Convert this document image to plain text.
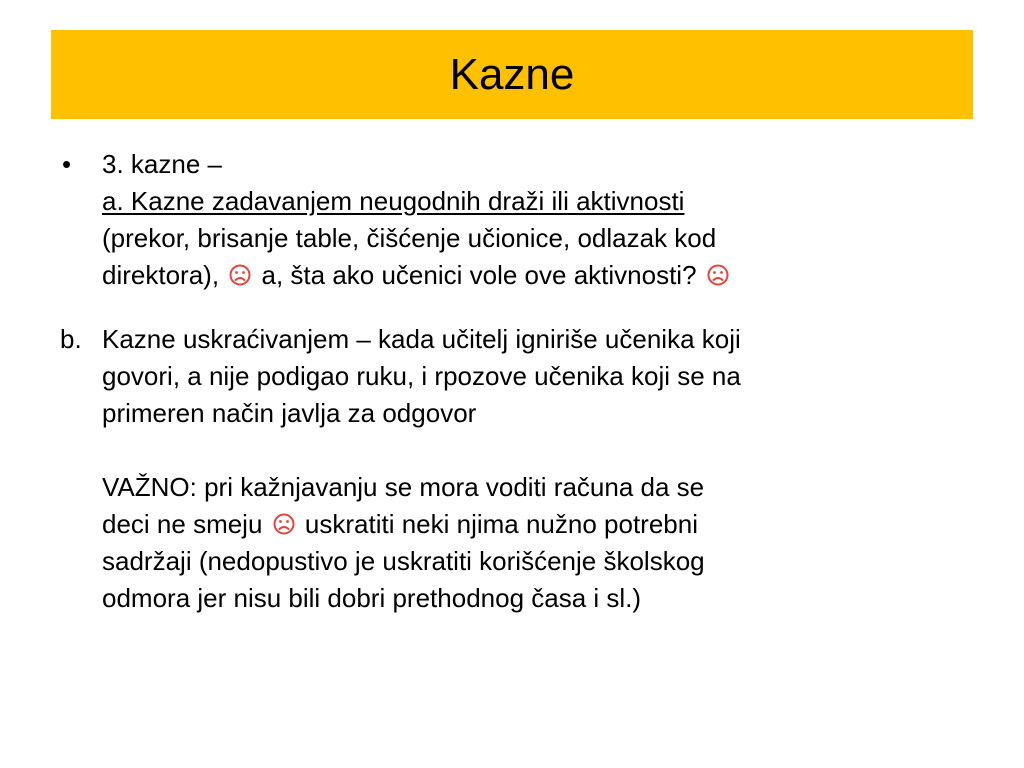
Kazne
• 3. kazne –
a. Kazne zadavanjem neugodnih draži ili aktivnosti
(prekor, brisanje table, čišćenje učionice, odlazak kod
direktora), a, šta ako učenici vole ove aktivnosti?
b. Kazne uskraćivanjem – kada učitelj igniriše učenika koji
govori, a nije podigao ruku, i rpozove učenika koji se na
primeren način javlja za odgovor
VAŽNO: pri kažnjavanju se mora voditi računa da se
deci ne smeju uskratiti neki njima nužno potrebni
sadržaji (nedopustivo je uskratiti korišćenje školskog
odmora jer nisu bili dobri prethodnog časa i sl.)
